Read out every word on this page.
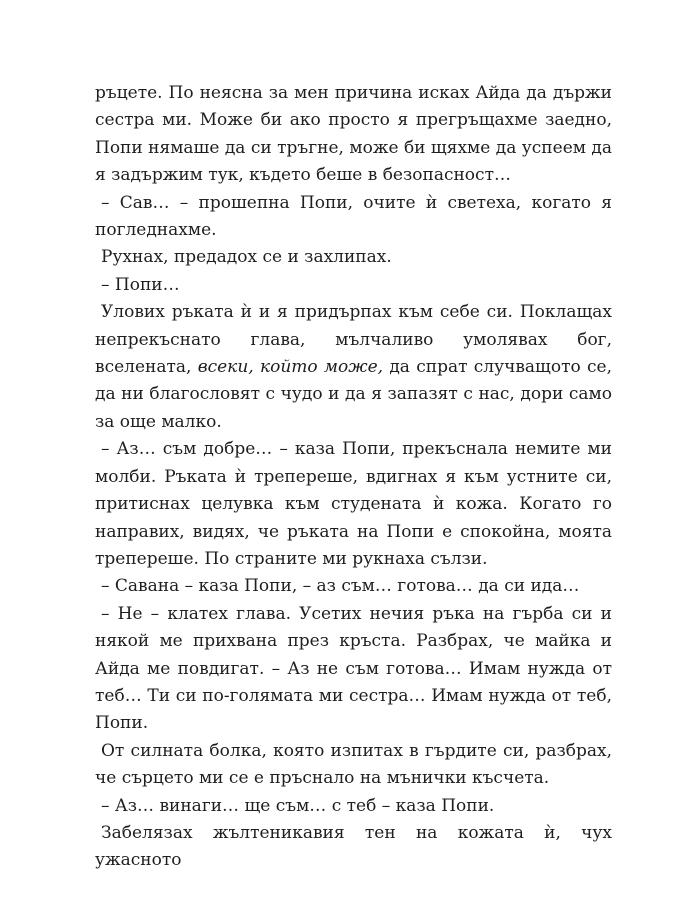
ръцете. По неясна за мен причина исках Айда да държи сестра ми. Може би ако просто я прегръщахме заедно, Попи нямаше да си тръгне, може би щяхме да успеем да я задържим тук, където беше в безопасност…

– Сав… – прошепна Попи, очите ѝ светеха, когато я погледнахме.

Рухнах, предадох се и захлипах.

– Попи…

Улових ръката ѝ и я придърпах към себе си. Поклащах непрекъснато глава, мълчаливо умолявах бог, вселената, всеки, който може, да спрат случващото се, да ни благословят с чудо и да я запазят с нас, дори само за още малко.

– Аз… съм добре… – каза Попи, прекъснала немите ми молби. Ръката ѝ трепереше, вдигнах я към устните си, притиснах целувка към студената ѝ кожа. Когато го направих, видях, че ръката на Попи е спокойна, моята трепереше. По страните ми рукнаха сълзи.

– Савана – каза Попи, – аз съм… готова… да си ида…

– Не – клатех глава. Усетих нечия ръка на гърба си и някой ме прихвана през кръста. Разбрах, че майка и Айда ме повдигат. – Аз не съм готова… Имам нужда от теб… Ти си по-голямата ми сестра… Имам нужда от теб, Попи.

От силната болка, която изпитах в гърдите си, разбрах, че сърцето ми се е пръснало на мънички късчета.

– Аз… винаги… ще съм… с теб – каза Попи.

Забелязах жълтеникавия тен на кожата ѝ, чух ужасното
